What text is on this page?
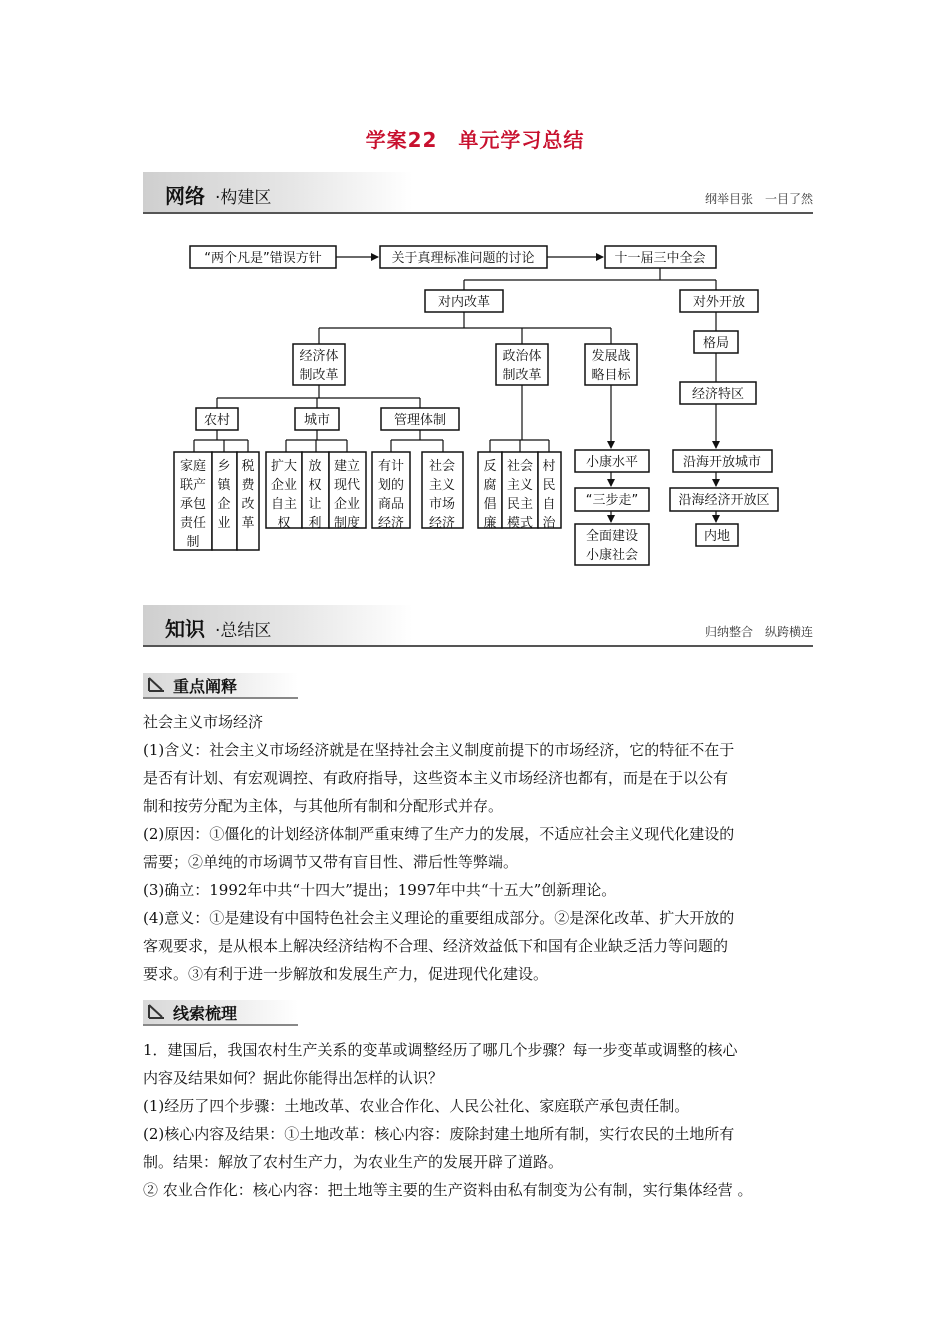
学案22　单元学习总结
网络 ·构建区	纲举目张　一目了然
“两个凡是”错误方针	关于真理标准问题的讨论	十一届三中全会
对内改革	对外开放
经济体
制改革
政治体
制改革
发展战
略目标
格局
经济特区
农村	城市	管理体制
家庭
联产
承包
责任
制
乡
镇
企
业
税
费
改
革
扩大
企业
自主
权
放
权
让
利
建立
现代
企业
制度
有计
划的
商品
经济
社会
主义
市场
经济
反
腐
倡
廉
社会
主义
民主
模式
村
民
自
治
小康水平
“三步走”
全面建设
小康社会
沿海开放城市
沿海经济开放区
内地
知识 ·总结区	归纳整合　纵跨横连
重点阐释
社会主义市场经济
(1)含义：社会主义市场经济就是在坚持社会主义制度前提下的市场经济，它的特征不在于
是否有计划、有宏观调控、有政府指导，这些资本主义市场经济也都有，而是在于以公有
制和按劳分配为主体，与其他所有制和分配形式并存。
(2)原因：①僵化的计划经济体制严重束缚了生产力的发展，不适应社会主义现代化建设的
需要；②单纯的市场调节又带有盲目性、滞后性等弊端。
(3)确立：1992年中共“十四大”提出；1997年中共“十五大”创新理论。
(4)意义：①是建设有中国特色社会主义理论的重要组成部分。②是深化改革、扩大开放的
客观要求，是从根本上解决经济结构不合理、经济效益低下和国有企业缺乏活力等问题的
要求。③有利于进一步解放和发展生产力，促进现代化建设。
线索梳理
1．建国后，我国农村生产关系的变革或调整经历了哪几个步骤？每一步变革或调整的核心
内容及结果如何？据此你能得出怎样的认识？
(1)经历了四个步骤：土地改革、农业合作化、人民公社化、家庭联产承包责任制。
(2)核心内容及结果：①土地改革：核心内容：废除封建土地所有制，实行农民的土地所有
制。结果：解放了农村生产力，为农业生产的发展开辟了道路。
② 农业合作化：核心内容：把土地等主要的生产资料由私有制变为公有制，实行集体经营 。
